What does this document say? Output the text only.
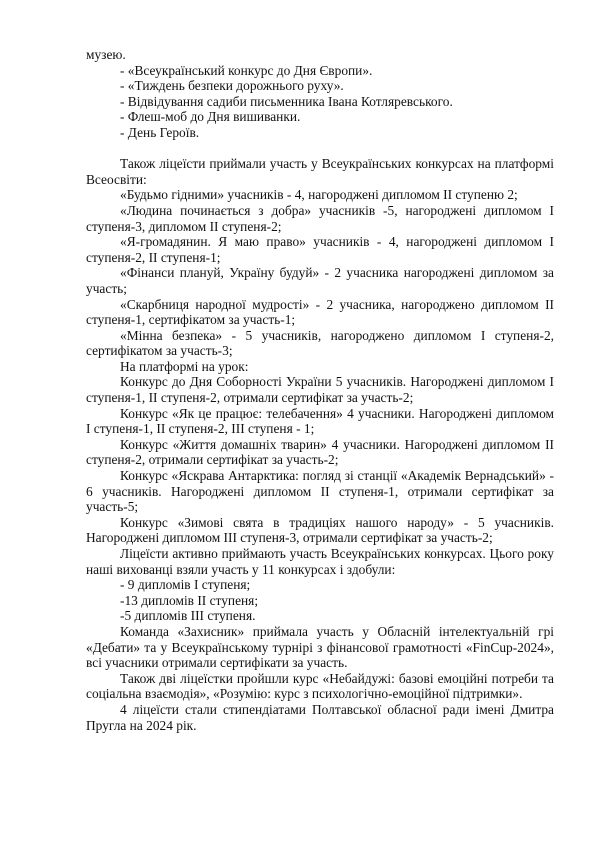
музею.

- «Всеукраїнський конкурс до Дня Європи».

- «Тиждень безпеки дорожнього руху».

- Відвідування садиби письменника Івана Котляревського.

- Флеш-моб до Дня вишиванки.

- День Героїв.

Також ліцеїсти приймали участь у Всеукраїнських конкурсах на платформі Всеосвіти:

«Будьмо гідними» учасників - 4, нагороджені дипломом ІІ ступеню 2;

«Людина починається з добра» учасників -5, нагороджені дипломом І ступеня-3, дипломом ІІ ступеня-2;

«Я-громадянин. Я маю право» учасників - 4, нагороджені дипломом І ступеня-2, ІІ ступеня-1;

«Фінанси плануй, Україну будуй» - 2 учасника нагороджені дипломом за участь;

«Скарбниця народної мудрості» - 2 учасника, нагороджено дипломом ІІ ступеня-1, сертифікатом за участь-1;

«Мінна безпека» - 5 учасників, нагороджено дипломом І ступеня-2, сертифікатом за участь-3;

На платформі на урок:

Конкурс до Дня Соборності України 5 учасників. Нагороджені дипломом І ступеня-1, ІІ ступеня-2, отримали сертифікат за участь-2;

Конкурс «Як це працює: телебачення» 4 учасники. Нагороджені дипломом І ступеня-1, ІІ ступеня-2, ІІІ ступеня - 1;

Конкурс «Життя домашніх тварин» 4 учасники. Нагороджені дипломом ІІ ступеня-2, отримали сертифікат за участь-2;

Конкурс «Яскрава Антарктика: погляд зі станції «Академік Вернадський» - 6 учасників. Нагороджені дипломом ІІ ступеня-1, отримали сертифікат за участь-5;

Конкурс «Зимові свята в традиціях нашого народу» - 5 учасників. Нагороджені дипломом ІІІ ступеня-3, отримали сертифікат за участь-2;

Ліцеїсти активно приймають участь Всеукраїнських конкурсах. Цього року наші вихованці взяли участь у 11 конкурсах і здобули:

- 9 дипломів І ступеня;

-13 дипломів ІІ ступеня;

-5 дипломів ІІІ ступеня.

Команда «Захисник» приймала участь у Обласній інтелектуальній грі «Дебати» та у Всеукраїнському турнірі з фінансової грамотності «FinCup-2024», всі учасники отримали сертифікати за участь.

Також дві ліцеїстки пройшли курс «Небайдужі: базові емоційні потреби та соціальна взаємодія», «Розумію: курс з психологічно-емоційної підтримки».

4 ліцеїсти стали стипендіатами Полтавської обласної ради імені Дмитра Пругла на 2024 рік.
